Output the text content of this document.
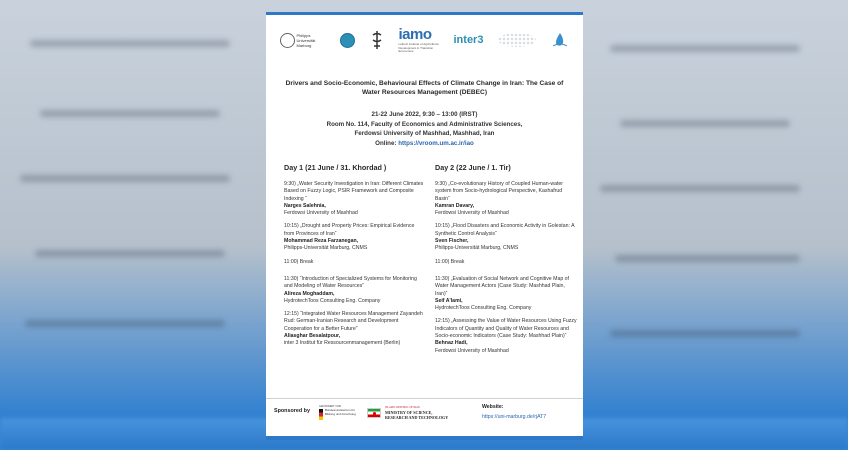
Philipps Universität Marburg
iamo
Leibniz Institute of Agricultural Development in Transition Economies
inter3
Drivers and Socio-Economic, Behavioural Effects of Climate Change in Iran: The Case of Water Resources Management (DEBEC)
21-22 June 2022, 9:30 – 13:00 (IRST)
Room No. 114, Faculty of Economics and Administrative Sciences,
Ferdowsi University of Mashhad, Mashhad, Iran
Online: https://vroom.um.ac.ir/iao
Day 1 (21 June / 31. Khordad )
9:30) „Water Security Investigation in Iran: Different Climates Based on Fuzzy Logic, PSIR Framework and Composite Indexing “
Narges Salehnia,
Ferdowsi University of Mashhad
10:15) „Drought and Property Prices: Empirical Evidence from Provinces of Iran“
Mohammad Reza Farzanegan,
Philipps-Universität Marburg, CNMS
11:00) Break
11:30) “Introduction of Specialized Systems for Monitoring and Modeling of Water Resources”
Alireza Moghaddam,
HydrotechToos Consulting Eng. Company
12:15) “Integrated Water Resources Management Zayandeh Rud: German-Iranian Research and Development Cooperation for a Better Future”
Aliasghar Besalatpour,
inter 3 Institut für Ressourcenmanagement (Berlin)
Day 2 (22 June / 1. Tir)
9:30) „Co-evolutionary History of Coupled Human-water system from Socio-hydrological Perspective, Kashafrud Basin“
Kamran Davary,
Ferdowsi University of Mashhad
10:15) „Flood Disasters and Economic Activity in Golestan: A Synthetic Control Analysis“
Sven Fischer,
Philipps-Universität Marburg, CNMS
11:00) Break
11:30) „Evaluation of Social Network and Cognitive Map of Water Management Actors (Case Study: Mashhad Plain, Iran)“
Seif A'lami,
HydrotechToos Consulting Eng. Company
12:15) „Assessing the Value of Water Resources Using Fuzzy Indicators of Quantity and Quality of Water Resources and Socio-economic Indicators (Case Study: Mashhad Plain)“
Behnaz Hadi,
Ferdowsi University of Mashhad
Sponsored by
GEFÖRDERT VOM
Bundesministerium für Bildung und Forschung
ISLAMIC REPUBLIC OF IRAN
MINISTRY OF SCIENCE,
RESEARCH AND TECHNOLOGY
Website:
https://uni-marburg.de/rjAT7
